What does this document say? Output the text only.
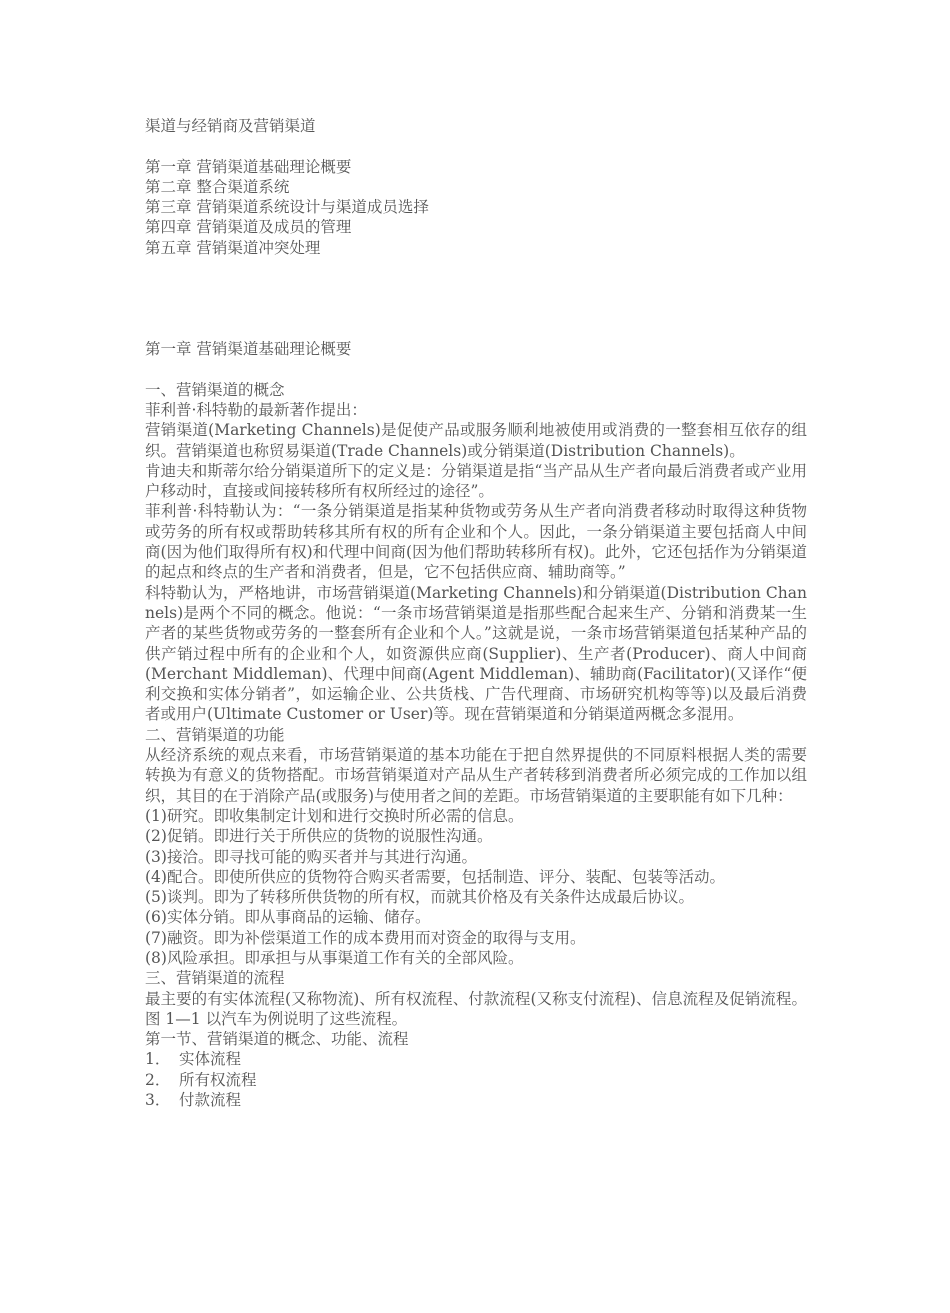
渠道与经销商及营销渠道
第一章 营销渠道基础理论概要
第二章 整合渠道系统
第三章 营销渠道系统设计与渠道成员选择
第四章 营销渠道及成员的管理
第五章 营销渠道冲突处理
第一章 营销渠道基础理论概要
一、营销渠道的概念
菲利普·科特勒的最新著作提出：
营销渠道(Marketing Channels)是促使产品或服务顺利地被使用或消费的一整套相互依存的组织。营销渠道也称贸易渠道(Trade Channels)或分销渠道(Distribution Channels)。
肯迪夫和斯蒂尔给分销渠道所下的定义是：分销渠道是指“当产品从生产者向最后消费者或产业用户移动时，直接或间接转移所有权所经过的途径”。
菲利普·科特勒认为：“一条分销渠道是指某种货物或劳务从生产者向消费者移动时取得这种货物或劳务的所有权或帮助转移其所有权的所有企业和个人。因此，一条分销渠道主要包括商人中间商(因为他们取得所有权)和代理中间商(因为他们帮助转移所有权)。此外，它还包括作为分销渠道的起点和终点的生产者和消费者，但是，它不包括供应商、辅助商等。”
科特勒认为，严格地讲，市场营销渠道(Marketing Channels)和分销渠道(Distribution Channels)是两个不同的概念。他说：“一条市场营销渠道是指那些配合起来生产、分销和消费某一生产者的某些货物或劳务的一整套所有企业和个人。”这就是说，一条市场营销渠道包括某种产品的供产销过程中所有的企业和个人，如资源供应商(Supplier)、生产者(Producer)、商人中间商(Merchant Middleman)、代理中间商(Agent Middleman)、辅助商(Facilitator)(又译作“便利交换和实体分销者”，如运输企业、公共货栈、广告代理商、市场研究机构等等)以及最后消费者或用户(Ultimate Customer or User)等。现在营销渠道和分销渠道两概念多混用。
二、营销渠道的功能
从经济系统的观点来看，市场营销渠道的基本功能在于把自然界提供的不同原料根据人类的需要转换为有意义的货物搭配。市场营销渠道对产品从生产者转移到消费者所必须完成的工作加以组织，其目的在于消除产品(或服务)与使用者之间的差距。市场营销渠道的主要职能有如下几种：
(1)研究。即收集制定计划和进行交换时所必需的信息。
(2)促销。即进行关于所供应的货物的说服性沟通。
(3)接洽。即寻找可能的购买者并与其进行沟通。
(4)配合。即使所供应的货物符合购买者需要，包括制造、评分、装配、包装等活动。
(5)谈判。即为了转移所供货物的所有权，而就其价格及有关条件达成最后协议。
(6)实体分销。即从事商品的运输、储存。
(7)融资。即为补偿渠道工作的成本费用而对资金的取得与支用。
(8)风险承担。即承担与从事渠道工作有关的全部风险。
三、营销渠道的流程
最主要的有实体流程(又称物流)、所有权流程、付款流程(又称支付流程)、信息流程及促销流程。图 1—1 以汽车为例说明了这些流程。
第一节、营销渠道的概念、功能、流程
1． 实体流程
2． 所有权流程
3． 付款流程
